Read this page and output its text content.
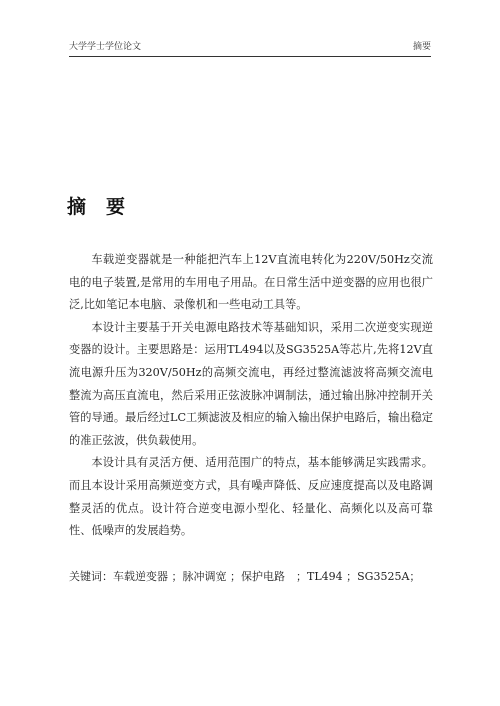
大学学士学位论文	摘要
摘要

车载逆变器就是一种能把汽车上12V直流电转化为220V/50Hz交流电的电子装置,是常用的车用电子用品。在日常生活中逆变器的应用也很广泛,比如笔记本电脑、录像机和一些电动工具等。

本设计主要基于开关电源电路技术等基础知识，采用二次逆变实现逆变器的设计。主要思路是：运用TL494以及SG3525A等芯片,先将12V直流电源升压为320V/50Hz的高频交流电，再经过整流滤波将高频交流电整流为高压直流电，然后采用正弦波脉冲调制法，通过输出脉冲控制开关管的导通。最后经过LC工频滤波及相应的输入输出保护电路后，输出稳定的准正弦波，供负载使用。

本设计具有灵活方便、适用范围广的特点，基本能够满足实践需求。而且本设计采用高频逆变方式，具有噪声降低、反应速度提高以及电路调整灵活的优点。设计符合逆变电源小型化、轻量化、高频化以及高可靠性、低噪声的发展趋势。

关键词：车载逆变器 ；脉冲调宽 ；保护电路　；TL494 ；SG3525A；
